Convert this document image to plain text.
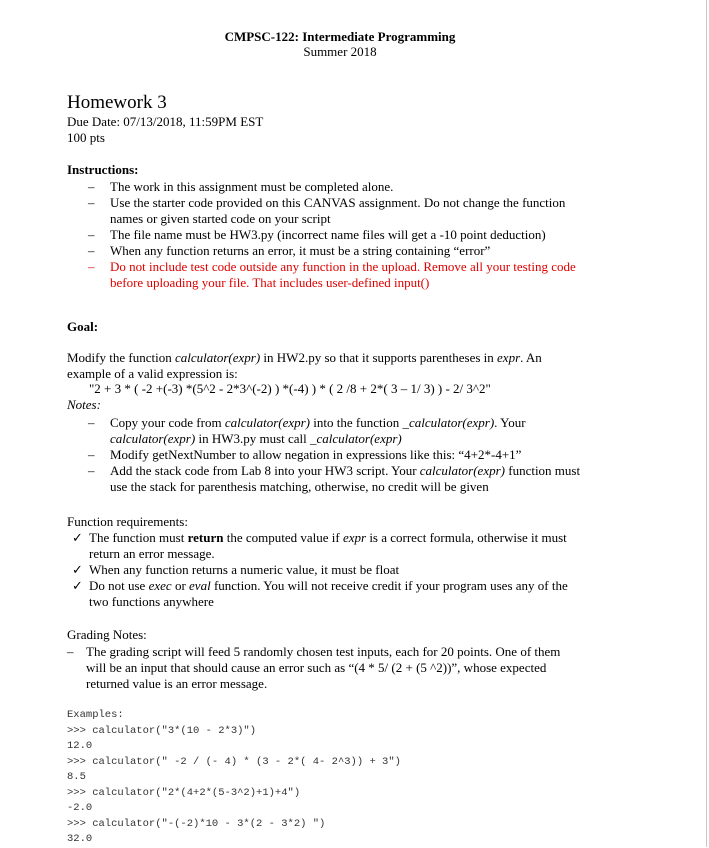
CMPSC-122: Intermediate Programming
Summer 2018
Homework 3
Due Date: 07/13/2018, 11:59PM EST
100 pts
Instructions:
– The work in this assignment must be completed alone.
– Use the starter code provided on this CANVAS assignment. Do not change the function
names or given started code on your script
– The file name must be HW3.py (incorrect name files will get a -10 point deduction)
– When any function returns an error, it must be a string containing “error”
– Do not include test code outside any function in the upload. Remove all your testing code
before uploading your file. That includes user-defined input()
Goal:
Modify the function calculator(expr) in HW2.py so that it supports parentheses in expr. An
example of a valid expression is:
"2 + 3 * ( -2 +(-3) *(5^2 - 2*3^(-2) ) *(-4) ) * ( 2 /8 + 2*( 3 – 1/ 3) ) - 2/ 3^2"
Notes:
– Copy your code from calculator(expr) into the function _calculator(expr). Your
calculator(expr) in HW3.py must call _calculator(expr)
– Modify getNextNumber to allow negation in expressions like this: “4+2*-4+1”
– Add the stack code from Lab 8 into your HW3 script. Your calculator(expr) function must
use the stack for parenthesis matching, otherwise, no credit will be given
Function requirements:
✓ The function must return the computed value if expr is a correct formula, otherwise it must
return an error message.
✓ When any function returns a numeric value, it must be float
✓ Do not use exec or eval function. You will not receive credit if your program uses any of the
two functions anywhere
Grading Notes:
– The grading script will feed 5 randomly chosen test inputs, each for 20 points. One of them
will be an input that should cause an error such as “(4 * 5/ (2 + (5 ^2))”, whose expected
returned value is an error message.
Examples:
>>> calculator("3*(10 - 2*3)")
12.0
>>> calculator(" -2 / (- 4) * (3 - 2*( 4- 2^3)) + 3")
8.5
>>> calculator("2*(4+2*(5-3^2)+1)+4")
-2.0
>>> calculator("-(-2)*10 - 3*(2 - 3*2) ")
32.0
